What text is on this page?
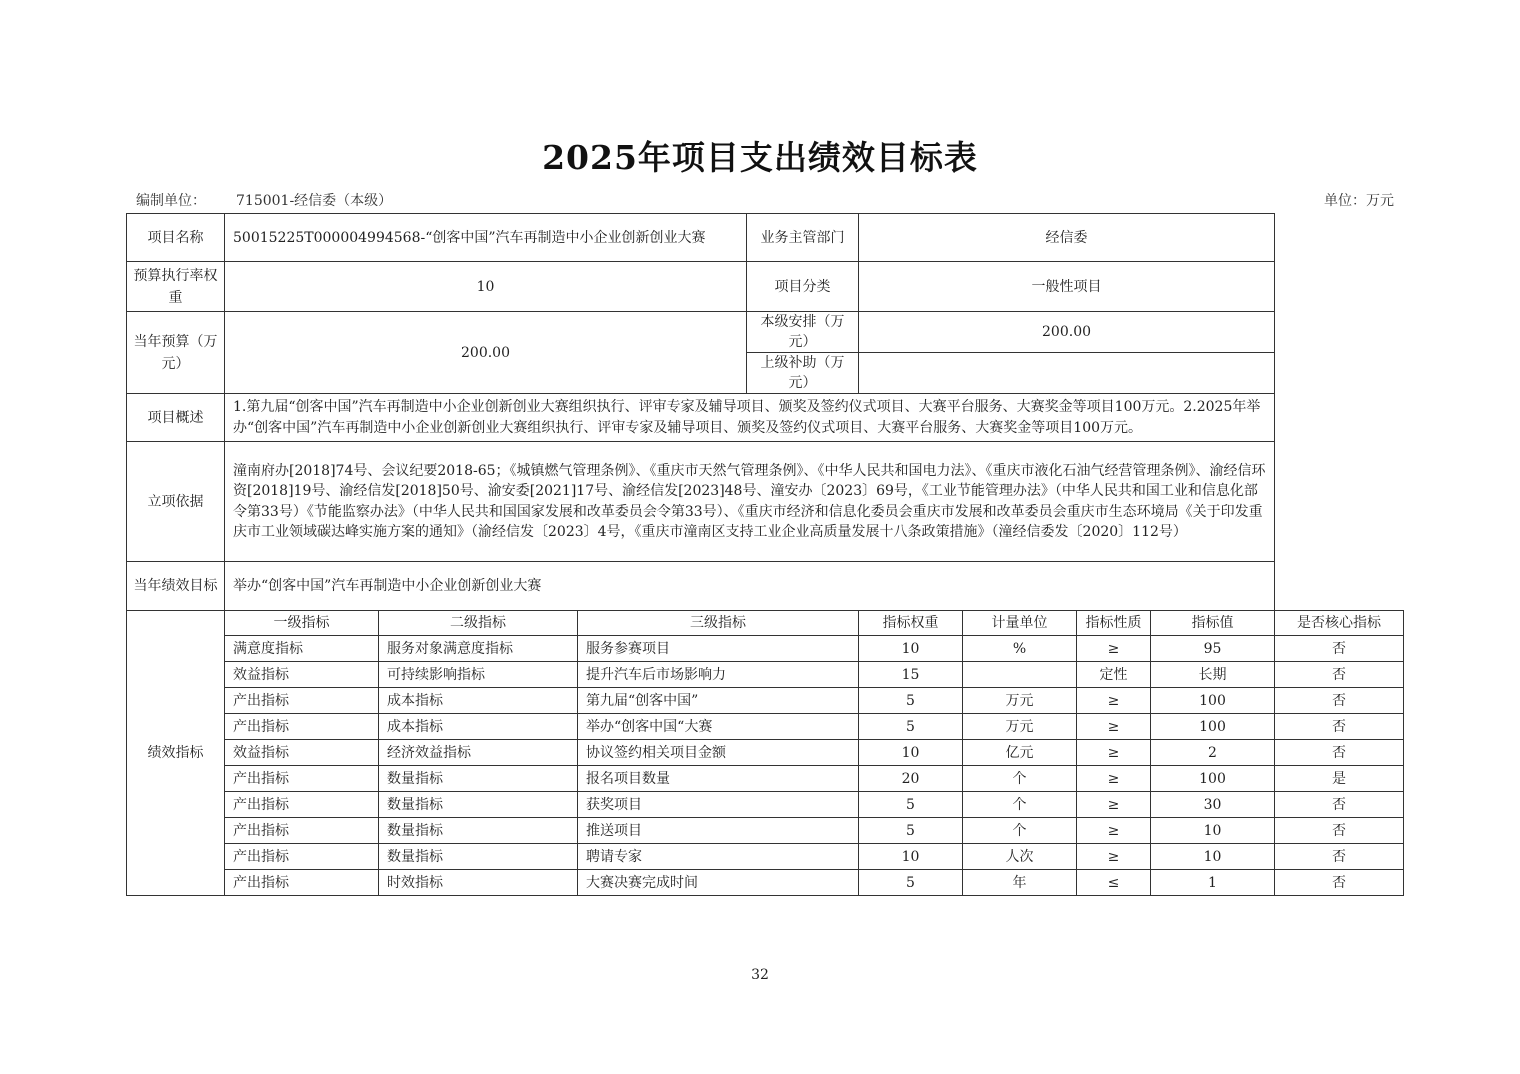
2025年项目支出绩效目标表
编制单位： 715001-经信委（本级）	单位：万元
项目名称	50015225T000004994568-“创客中国”汽车再制造中小企业创新创业大赛			业务主管部门	经信委				
预算执行率权重	10			项目分类	一般性项目				
当年预算（万元）	200.00			本级安排（万元）	200.00				
				上级补助（万元）					
项目概述	1.第九届“创客中国”汽车再制造中小企业创新创业大赛组织执行、评审专家及辅导项目、颁奖及签约仪式项目、大赛平台服务、大赛奖金等项目100万元。2.2025年举办“创客中国”汽车再制造中小企业创新创业大赛组织执行、评审专家及辅导项目、颁奖及签约仪式项目、大赛平台服务、大赛奖金等项目100万元。								
立项依据	潼南府办[2018]74号、会议纪要2018-65；《城镇燃气管理条例》、《重庆市天然气管理条例》、《中华人民共和国电力法》、《重庆市液化石油气经营管理条例》、渝经信环资[2018]19号、渝经信发[2018]50号、渝安委[2021]17号、渝经信发[2023]48号、潼安办〔2023〕69号，《工业节能管理办法》（中华人民共和国工业和信息化部令第33号）《节能监察办法》（中华人民共和国国家发展和改革委员会令第33号）、《重庆市经济和信息化委员会重庆市发展和改革委员会重庆市生态环境局《关于印发重庆市工业领域碳达峰实施方案的通知》（渝经信发〔2023〕4号，《重庆市潼南区支持工业企业高质量发展十八条政策措施》（潼经信委发〔2020〕112号）								
当年绩效目标	举办“创客中国”汽车再制造中小企业创新创业大赛								
绩效指标	一级指标	二级指标	三级指标		指标权重	计量单位	指标性质	指标值	是否核心指标
	满意度指标	服务对象满意度指标	服务参赛项目		10	%	≥	95	否
	效益指标	可持续影响指标	提升汽车后市场影响力		15		定性	长期	否
	产出指标	成本指标	第九届“创客中国”		5	万元	≥	100	否
	产出指标	成本指标	举办“创客中国“大赛		5	万元	≥	100	否
	效益指标	经济效益指标	协议签约相关项目金额		10	亿元	≥	2	否
	产出指标	数量指标	报名项目数量		20	个	≥	100	是
	产出指标	数量指标	获奖项目		5	个	≥	30	否
	产出指标	数量指标	推送项目		5	个	≥	10	否
	产出指标	数量指标	聘请专家		10	人次	≥	10	否
	产出指标	时效指标	大赛决赛完成时间		5	年	≤	1	否
32
